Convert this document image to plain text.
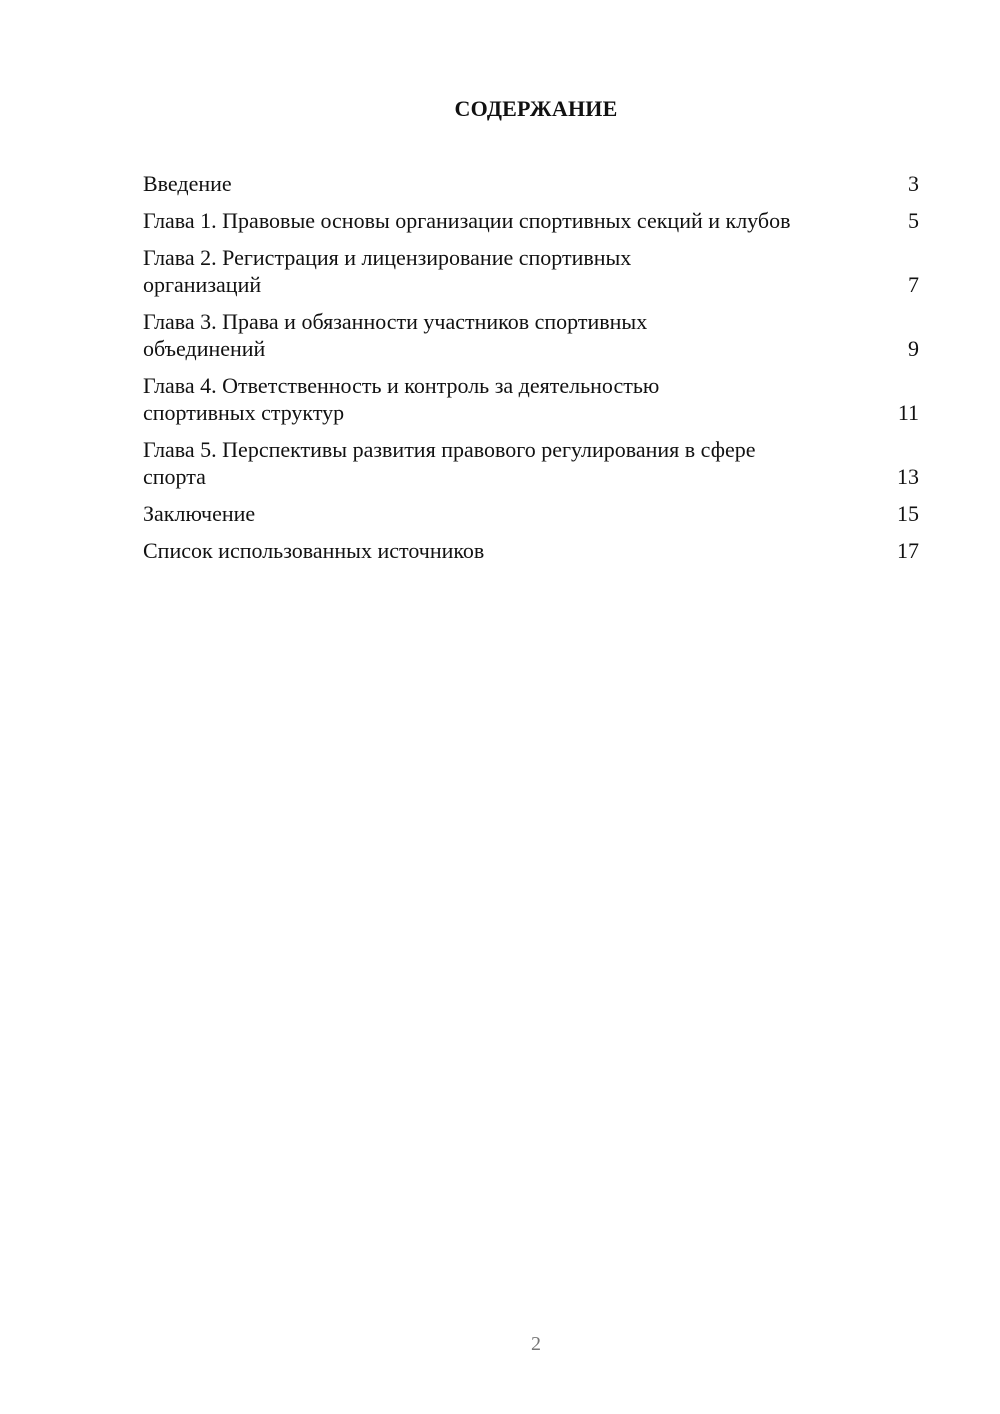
СОДЕРЖАНИЕ
Введение	3
Глава 1. Правовые основы организации спортивных секций и клубов	5
Глава 2. Регистрация и лицензирование спортивных организаций	7
Глава 3. Права и обязанности участников спортивных объединений	9
Глава 4. Ответственность и контроль за деятельностью спортивных структур	11
Глава 5. Перспективы развития правового регулирования в сфере спорта	13
Заключение	15
Список использованных источников	17
2
